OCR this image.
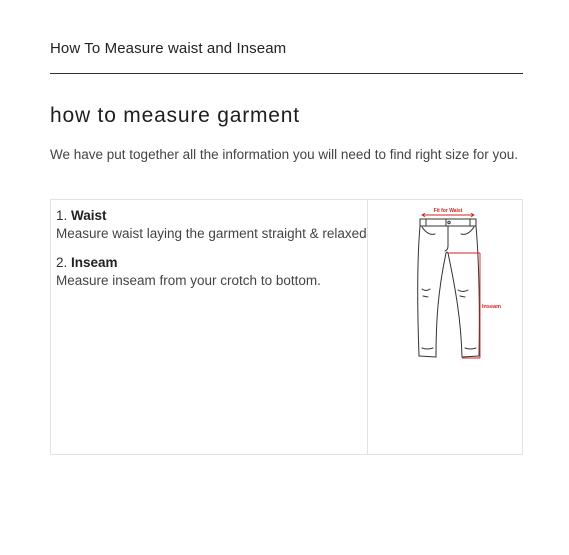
How To Measure waist and Inseam
how to measure garment
We have put together all the information you will need to find right size for you.
1. Waist
Measure waist laying the garment straight & relaxed
2. Inseam
Measure inseam from your crotch to bottom.
Fit for Waist
Inseam
